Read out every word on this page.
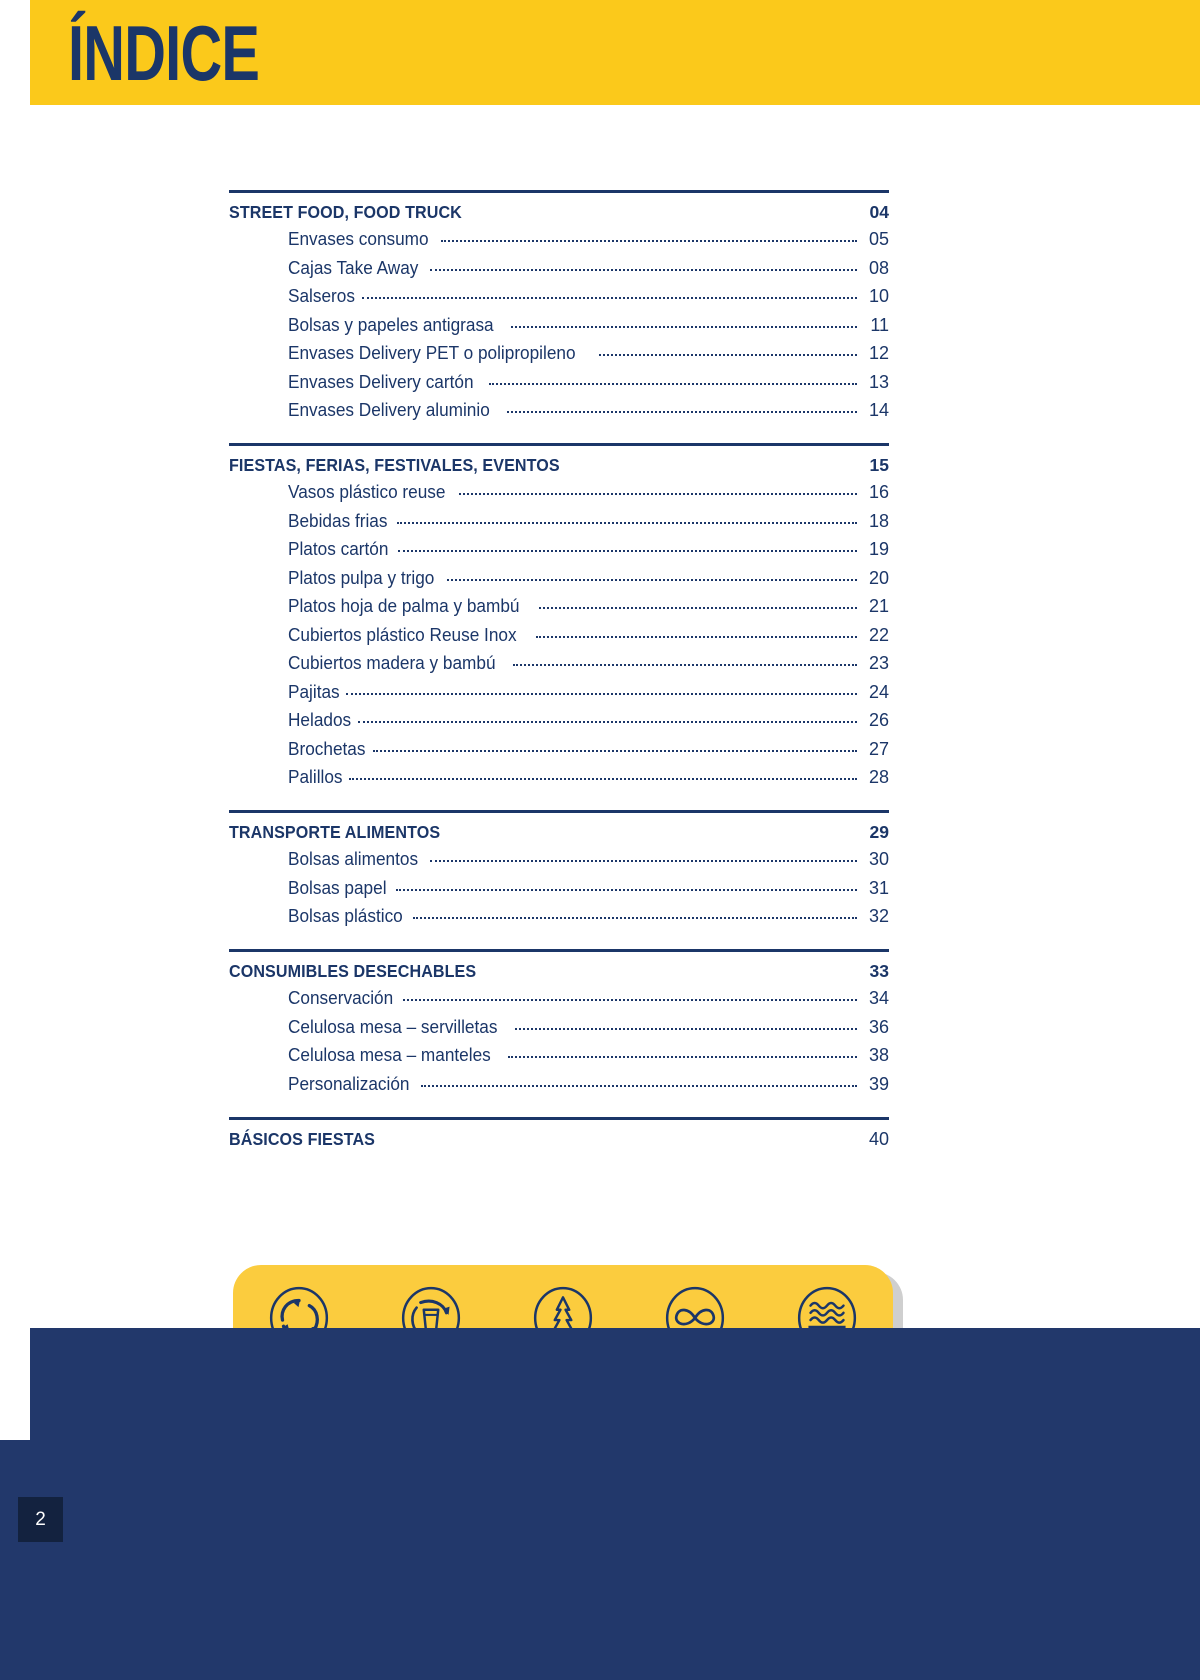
ÍNDICE
STREET FOOD, FOOD TRUCK	04
Envases consumo	05
Cajas Take Away	08
Salseros	10
Bolsas y papeles antigrasa	11
Envases Delivery PET o polipropileno	12
Envases Delivery cartón	13
Envases Delivery aluminio	14
FIESTAS, FERIAS, FESTIVALES, EVENTOS	15
Vasos plástico reuse	16
Bebidas frias	18
Platos cartón	19
Platos pulpa y trigo	20
Platos hoja de palma y bambú	21
Cubiertos plástico Reuse Inox	22
Cubiertos madera y bambú	23
Pajitas	24
Helados	26
Brochetas	27
Palillos	28
TRANSPORTE ALIMENTOS	29
Bolsas alimentos	30
Bolsas papel	31
Bolsas plástico	32
CONSUMIBLES DESECHABLES	33
Conservación	34
Celulosa mesa – servilletas	36
Celulosa mesa – manteles	38
Personalización	39
BÁSICOS FIESTAS	40
2
